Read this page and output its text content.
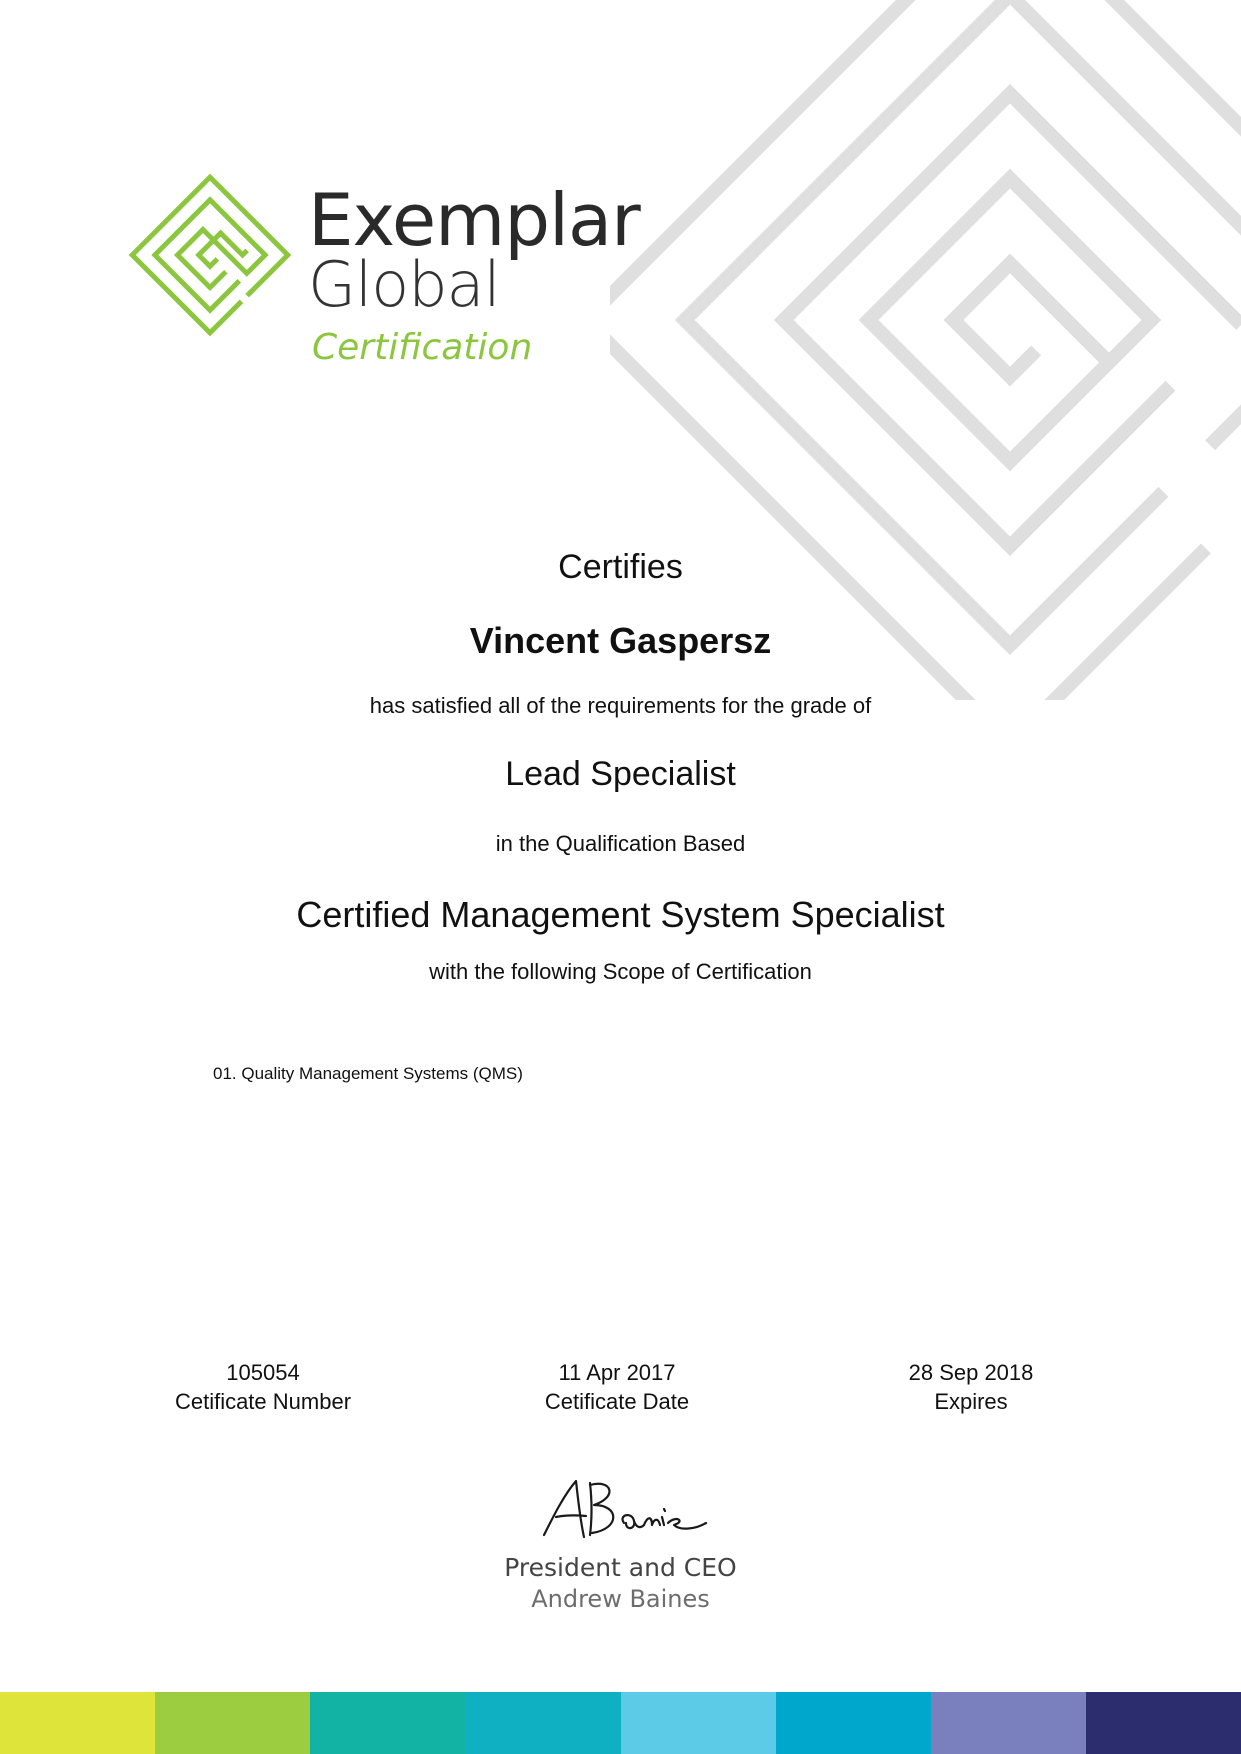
Exemplar
Global
Certification
Certifies
Vincent Gaspersz
has satisfied all of the requirements for the grade of
Lead Specialist
in the Qualification Based
Certified Management System Specialist
with the following Scope of Certification
01. Quality Management Systems (QMS)
105054
Cetificate Number
11 Apr 2017
Cetificate Date
28 Sep 2018
Expires
President and CEO
Andrew Baines
